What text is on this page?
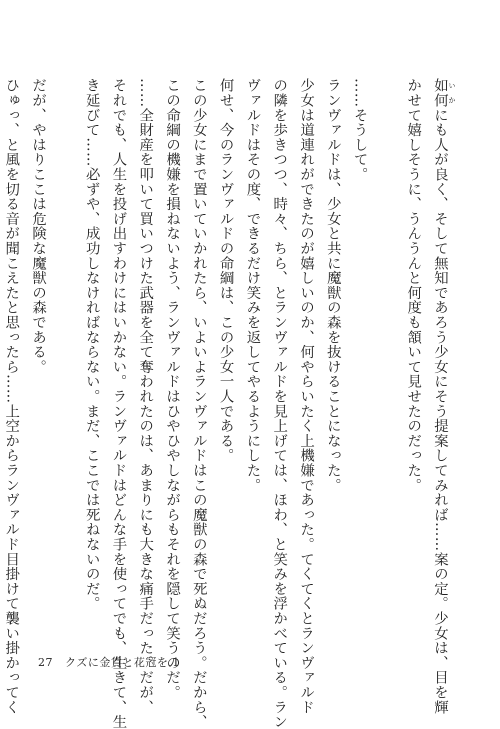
如何 いかにも人が良く、そして無知であろう少女にそう提案してみれば……案の定。少女は、目を輝
かせて嬉しそうに、うんうんと何度も頷いて見せたのだった。

……そうして。
ランヴァルドは、少女と共に魔獣の森を抜けることになった。
少女は道連れができたのが嬉しいのか、何やらいたく上機嫌であった。てくてくとランヴァルド
の隣を歩きつつ、時々、ちら、とランヴァルドを見上げては、ほわ、と笑みを浮かべている。ラン
ヴァルドはその度、できるだけ笑みを返してやるようにした。
何せ、今のランヴァルドの命綱は、この少女一人である。
この少女にまで置いていかれたら、いよいよランヴァルドはこの魔獣の森で死ぬだろう。だから、
この命綱の機嫌を損ねないよう、ランヴァルドはひやひやしながらもそれを隠して笑うのだ。
……全財産を叩いて買いつけた武器を全て奪われたのは、あまりにも大きな痛手だった。だが、
それでも、人生を投げ出すわけにはいかない。ランヴァルドはどんな手を使ってでも、生きて、生
き延びて……必ずや、成功しなければならない。まだ、ここでは死ねないのだ。

だが、やはりここは危険な魔獣の森である。
ひゅっ、と風を切る音が聞こえたと思ったら……上空からランヴァルド目掛けて襲い掛かってく	27 クズに金貨と花冠を 1
